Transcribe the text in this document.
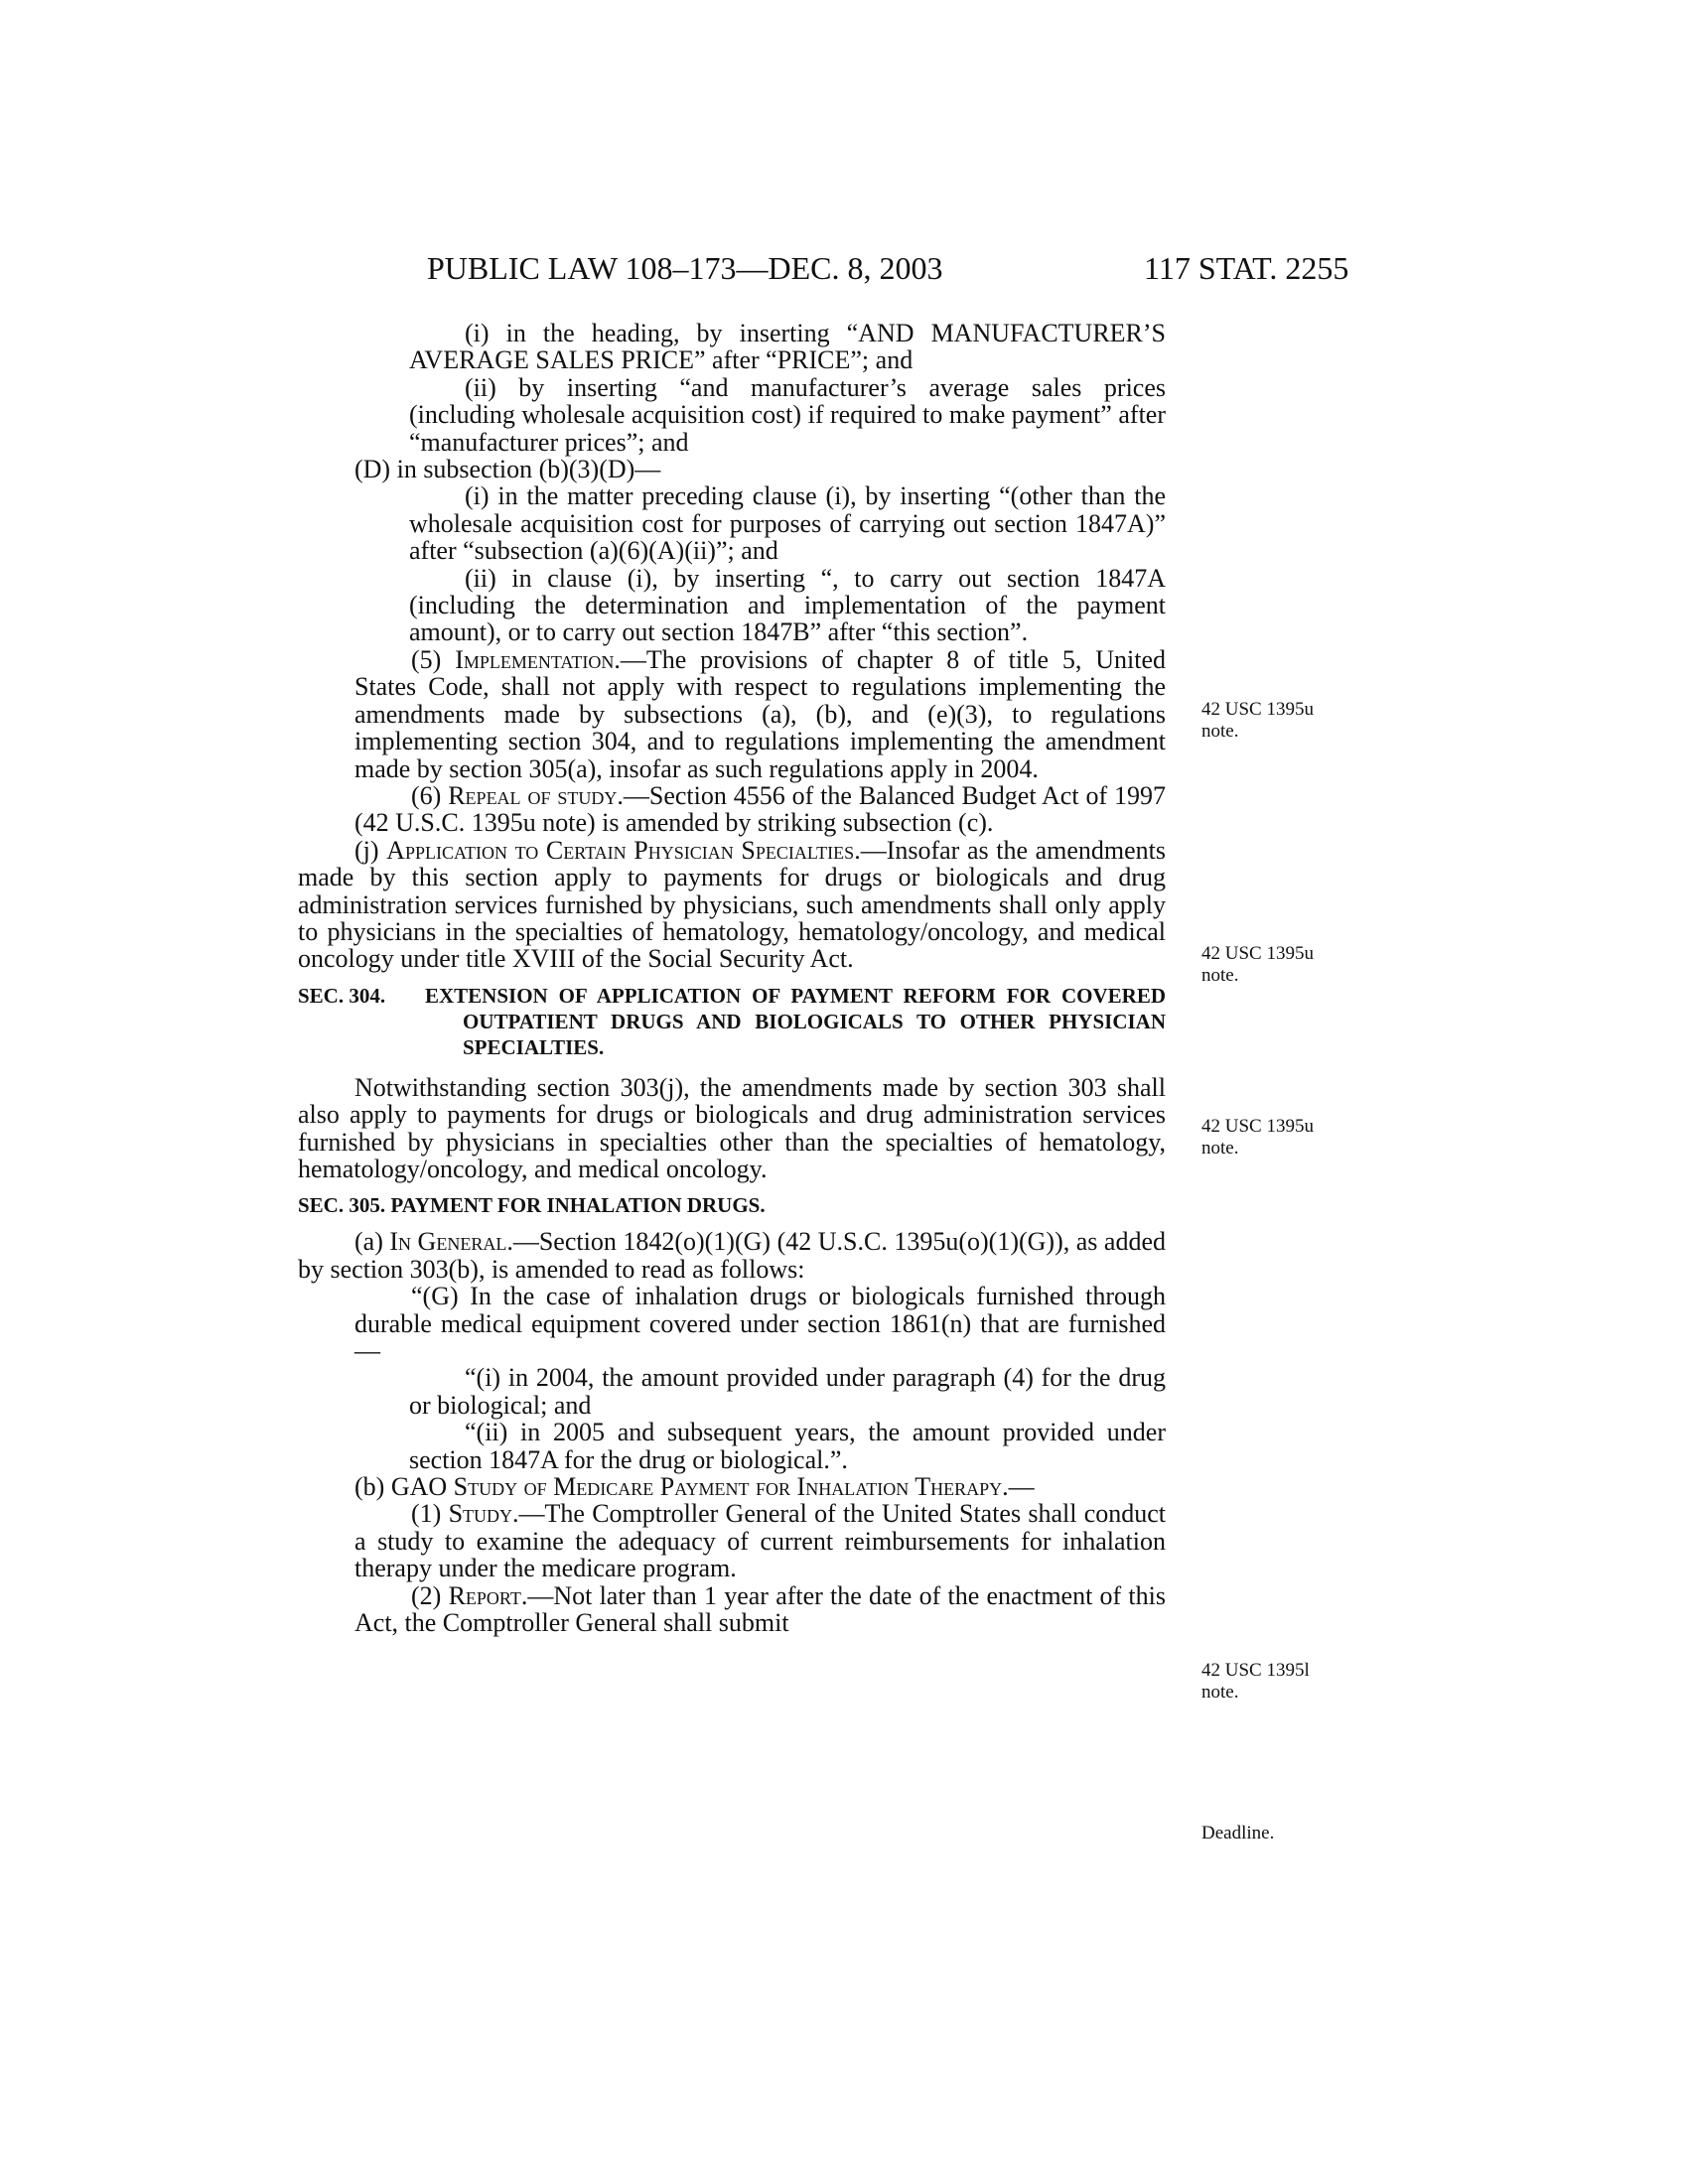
PUBLIC LAW 108–173—DEC. 8, 2003	117 STAT. 2255

(i) in the heading, by inserting “AND MANUFACTURER’S AVERAGE SALES PRICE” after “PRICE”; and

(ii) by inserting “and manufacturer’s average sales prices (including wholesale acquisition cost) if required to make payment” after “manufacturer prices”; and

(D) in subsection (b)(3)(D)—

(i) in the matter preceding clause (i), by inserting “(other than the wholesale acquisition cost for purposes of carrying out section 1847A)” after “subsection (a)(6)(A)(ii)”; and

(ii) in clause (i), by inserting “, to carry out section 1847A (including the determination and implementation of the payment amount), or to carry out section 1847B” after “this section”.

(5) Implementation.—The provisions of chapter 8 of title 5, United States Code, shall not apply with respect to regulations implementing the amendments made by subsections (a), (b), and (e)(3), to regulations implementing section 304, and to regulations implementing the amendment made by section 305(a), insofar as such regulations apply in 2004.

(6) Repeal of study.—Section 4556 of the Balanced Budget Act of 1997 (42 U.S.C. 1395u note) is amended by striking subsection (c).

(j) Application to Certain Physician Specialties.—Insofar as the amendments made by this section apply to payments for drugs or biologicals and drug administration services furnished by physicians, such amendments shall only apply to physicians in the specialties of hematology, hematology/oncology, and medical oncology under title XVIII of the Social Security Act.

SEC. 304. EXTENSION OF APPLICATION OF PAYMENT REFORM FOR COVERED OUTPATIENT DRUGS AND BIOLOGICALS TO OTHER PHYSICIAN SPECIALTIES.

Notwithstanding section 303(j), the amendments made by section 303 shall also apply to payments for drugs or biologicals and drug administration services furnished by physicians in specialties other than the specialties of hematology, hematology/oncology, and medical oncology.

SEC. 305. PAYMENT FOR INHALATION DRUGS.

(a) In General.—Section 1842(o)(1)(G) (42 U.S.C. 1395u(o)(1)(G)), as added by section 303(b), is amended to read as follows:

“(G) In the case of inhalation drugs or biologicals furnished through durable medical equipment covered under section 1861(n) that are furnished—

“(i) in 2004, the amount provided under paragraph (4) for the drug or biological; and

“(ii) in 2005 and subsequent years, the amount provided under section 1847A for the drug or biological.”.

(b) GAO Study of Medicare Payment for Inhalation Therapy.—

(1) Study.—The Comptroller General of the United States shall conduct a study to examine the adequacy of current reimbursements for inhalation therapy under the medicare program.

(2) Report.—Not later than 1 year after the date of the enactment of this Act, the Comptroller General shall submit

42 USC 1395u
note.
42 USC 1395u
note.
42 USC 1395u
note.
42 USC 1395l
note.
Deadline.
